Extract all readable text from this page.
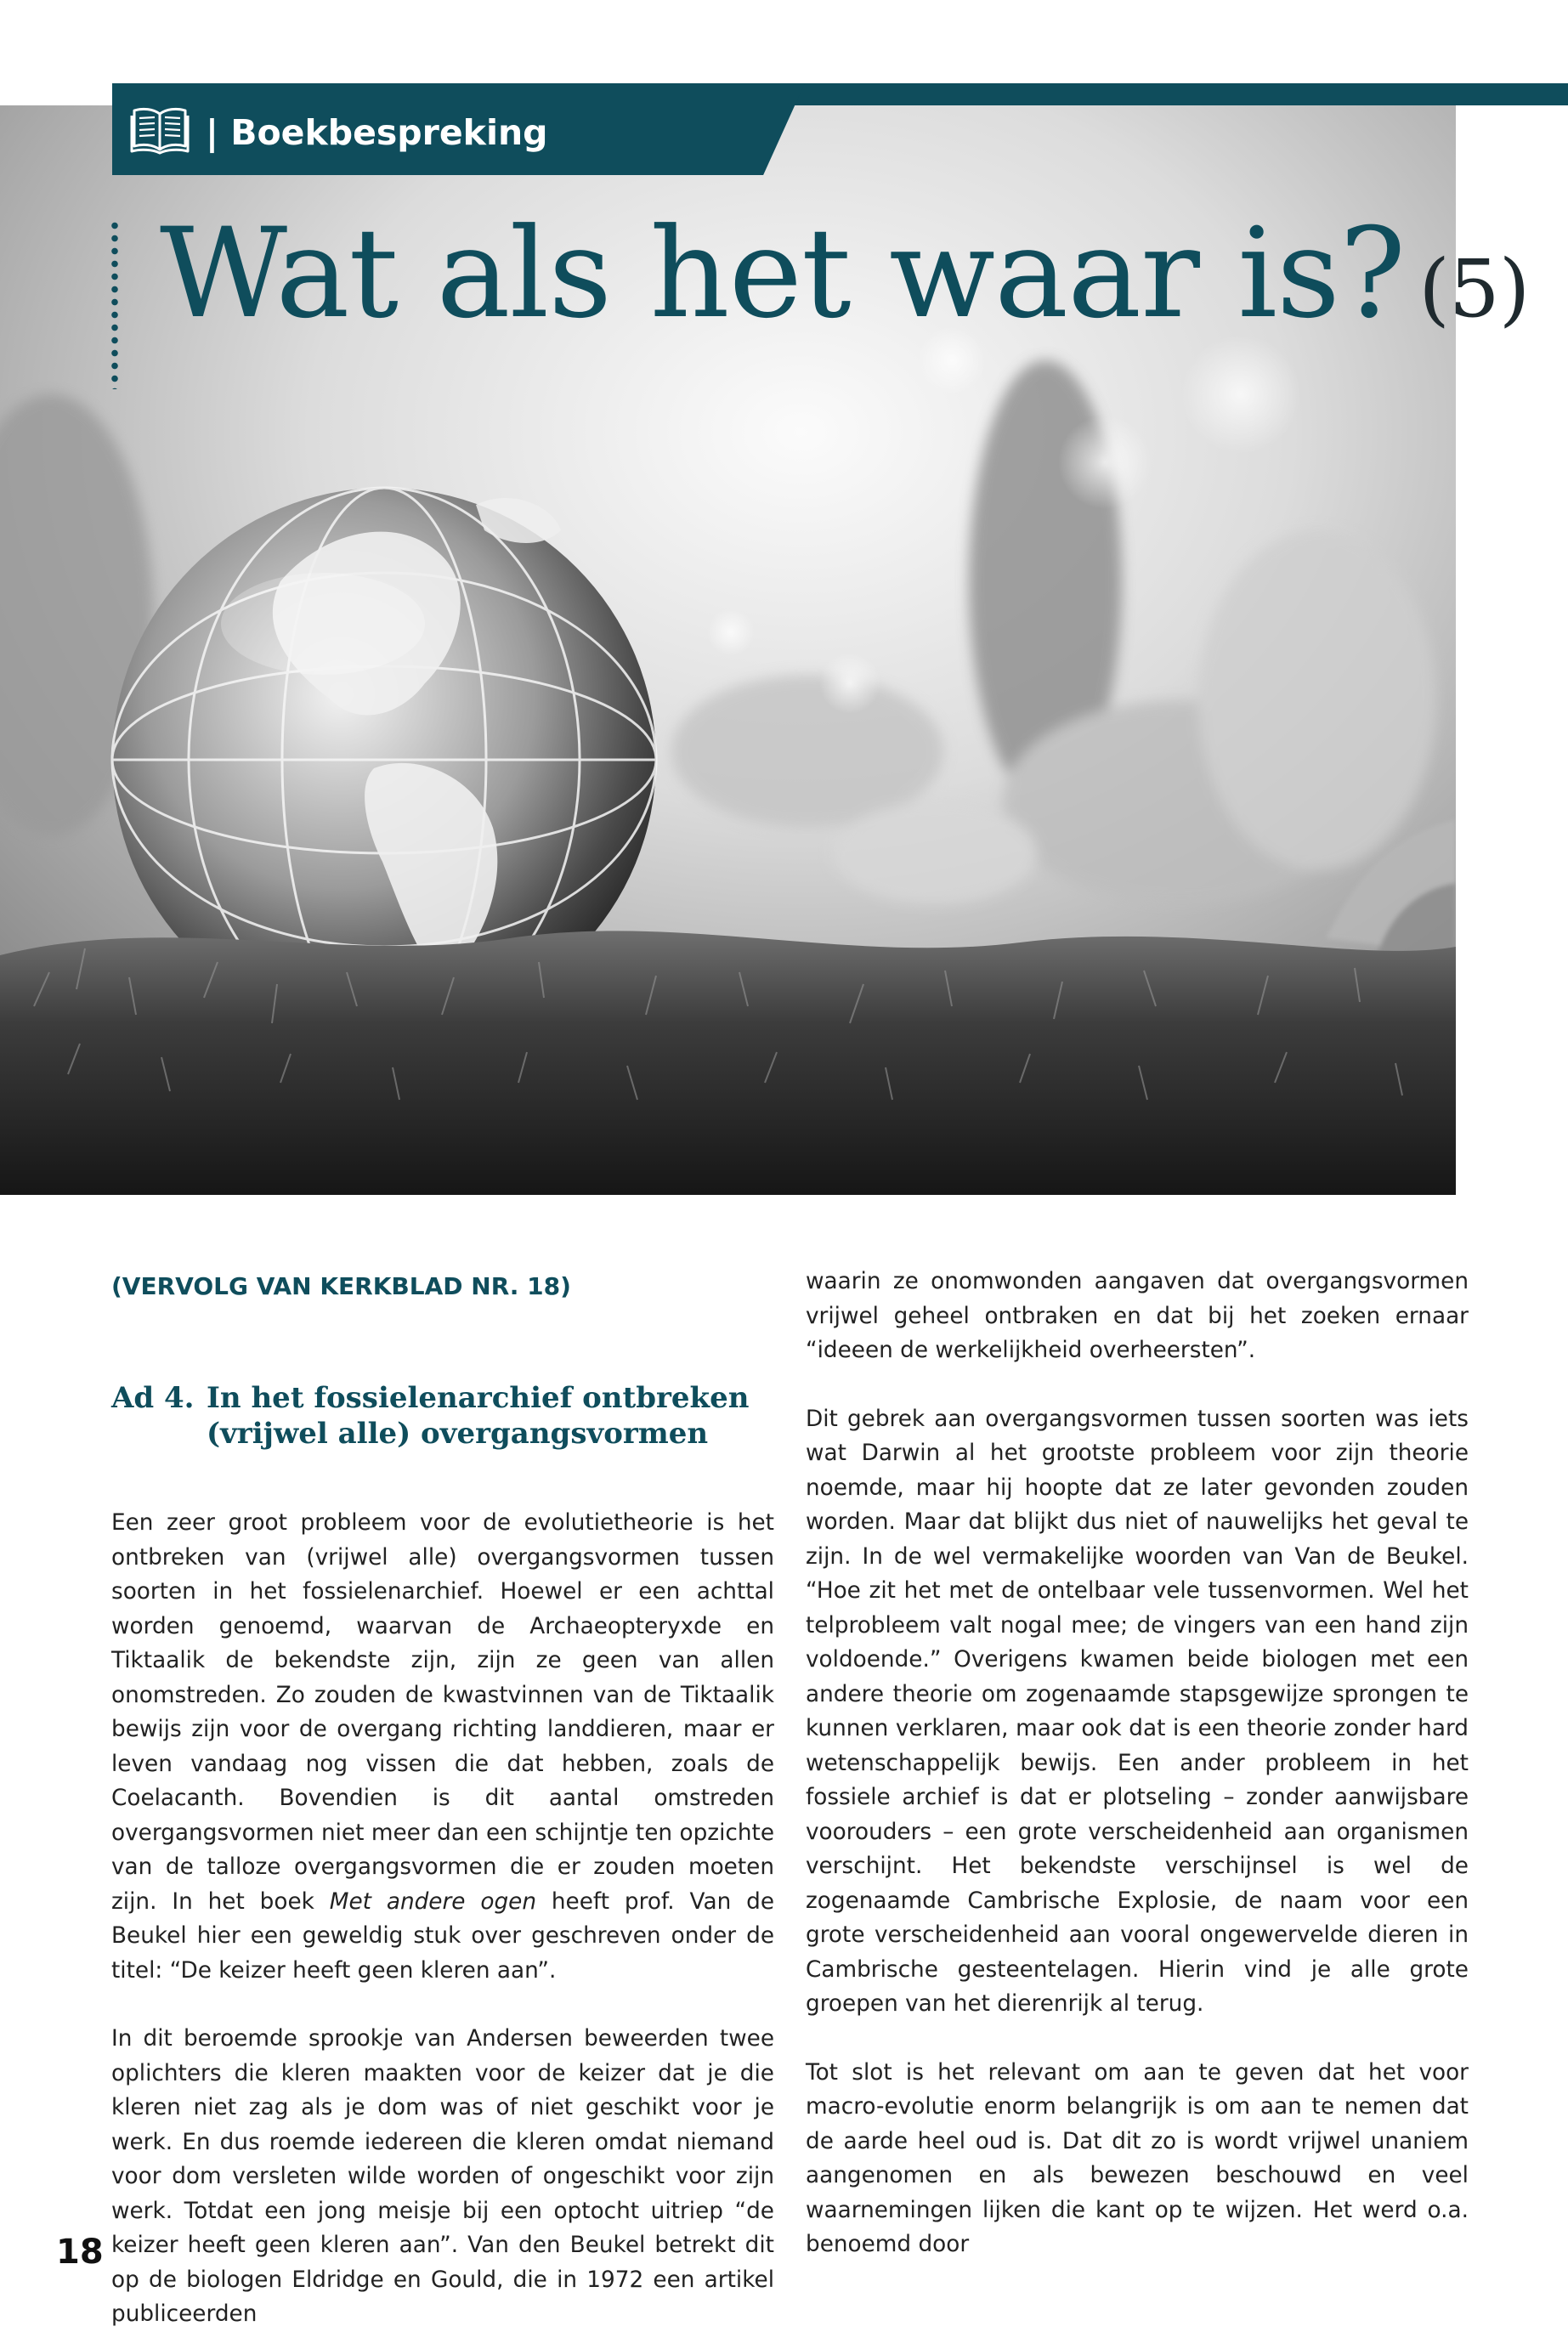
| Boekbespreking
Wat als het waar is? (5)
(VERVOLG VAN KERKBLAD NR. 18)
Ad 4. In het fossielenarchief ontbreken
(vrijwel alle) overgangsvormen

Een zeer groot probleem voor de evolutietheorie is het ontbreken van (vrijwel alle) overgangsvormen tussen soorten in het fossielenarchief. Hoewel er een achttal worden genoemd, waarvan de Archaeopteryxde en Tiktaalik de bekendste zijn, zijn ze geen van allen onomstreden. Zo zouden de kwastvinnen van de Tiktaalik bewijs zijn voor de overgang richting landdieren, maar er leven vandaag nog vissen die dat hebben, zoals de Coelacanth. Bovendien is dit aantal omstreden overgangsvormen niet meer dan een schijntje ten opzichte van de talloze overgangsvormen die er zouden moeten zijn. In het boek Met andere ogen heeft prof. Van de Beukel hier een geweldig stuk over geschreven onder de titel: “De keizer heeft geen kleren aan”.

In dit beroemde sprookje van Andersen beweerden twee oplichters die kleren maakten voor de keizer dat je die kleren niet zag als je dom was of niet geschikt voor je werk. En dus roemde iedereen die kleren omdat niemand voor dom versleten wilde worden of ongeschikt voor zijn werk. Totdat een jong meisje bij een optocht uitriep “de keizer heeft geen kleren aan”. Van den Beukel betrekt dit op de biologen Eldridge en Gould, die in 1972 een artikel publiceerden

waarin ze onomwonden aangaven dat overgangsvormen vrijwel geheel ontbraken en dat bij het zoeken ernaar “ideeen de werkelijkheid overheersten”.

Dit gebrek aan overgangsvormen tussen soorten was iets wat Darwin al het grootste probleem voor zijn theorie noemde, maar hij hoopte dat ze later gevonden zouden worden. Maar dat blijkt dus niet of nauwelijks het geval te zijn. In de wel vermakelijke woorden van Van de Beukel. “Hoe zit het met de ontelbaar vele tussenvormen. Wel het telprobleem valt nogal mee; de vingers van een hand zijn voldoende.” Overigens kwamen beide biologen met een andere theorie om zogenaamde stapsgewijze sprongen te kunnen verklaren, maar ook dat is een theorie zonder hard wetenschappelijk bewijs. Een ander probleem in het fossiele archief is dat er plotseling – zonder aanwijsbare voorouders – een grote verscheidenheid aan organismen verschijnt. Het bekendste verschijnsel is wel de zogenaamde Cambrische Explosie, de naam voor een grote verscheidenheid aan vooral ongewervelde dieren in Cambrische gesteentelagen. Hierin vind je alle grote groepen van het dierenrijk al terug.

Tot slot is het relevant om aan te geven dat het voor macro-evolutie enorm belangrijk is om aan te nemen dat de aarde heel oud is. Dat dit zo is wordt vrijwel unaniem aangenomen en als bewezen beschouwd en veel waarnemingen lijken die kant op te wijzen. Het werd o.a. benoemd door

18
